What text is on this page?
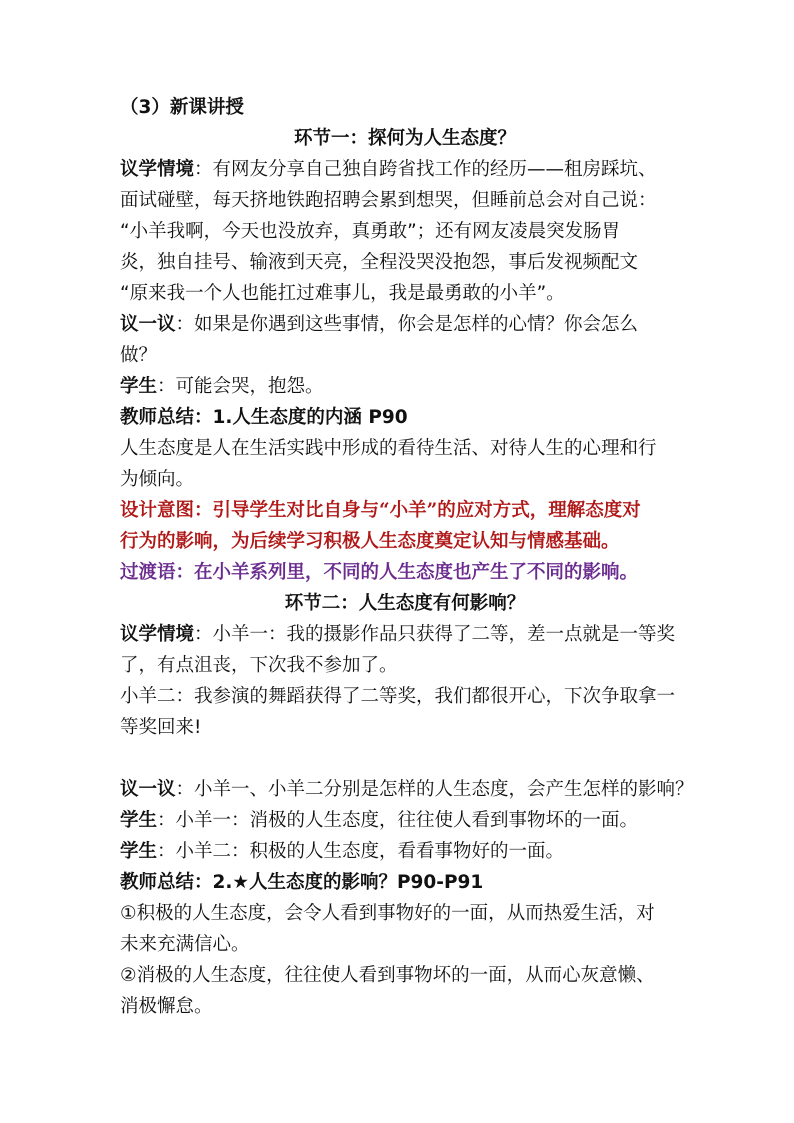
（3）新课讲授

环节一：探何为人生态度？

议学情境：有网友分享自己独自跨省找工作的经历——租房踩坑、

面试碰壁，每天挤地铁跑招聘会累到想哭，但睡前总会对自己说：

“小羊我啊，今天也没放弃，真勇敢”；还有网友凌晨突发肠胃

炎，独自挂号、输液到天亮，全程没哭没抱怨，事后发视频配文

“原来我一个人也能扛过难事儿，我是最勇敢的小羊”。

议一议：如果是你遇到这些事情，你会是怎样的心情？你会怎么

做？

学生：可能会哭，抱怨。

教师总结：1.人生态度的内涵 P90

人生态度是人在生活实践中形成的看待生活、对待人生的心理和行

为倾向。

设计意图：引导学生对比自身与“小羊”的应对方式，理解态度对

行为的影响，为后续学习积极人生态度奠定认知与情感基础。

过渡语：在小羊系列里，不同的人生态度也产生了不同的影响。

环节二：人生态度有何影响？

议学情境：小羊一：我的摄影作品只获得了二等，差一点就是一等奖

了，有点沮丧，下次我不参加了。

小羊二：我参演的舞蹈获得了二等奖，我们都很开心，下次争取拿一

等奖回来!

议一议：小羊一、小羊二分别是怎样的人生态度，会产生怎样的影响？

学生：小羊一：消极的人生态度，往往使人看到事物坏的一面。

学生：小羊二：积极的人生态度，看看事物好的一面。

教师总结：2.★人生态度的影响？P90-P91

①积极的人生态度，会令人看到事物好的一面，从而热爱生活，对

未来充满信心。

②消极的人生态度，往往使人看到事物坏的一面，从而心灰意懒、

消极懈怠。
